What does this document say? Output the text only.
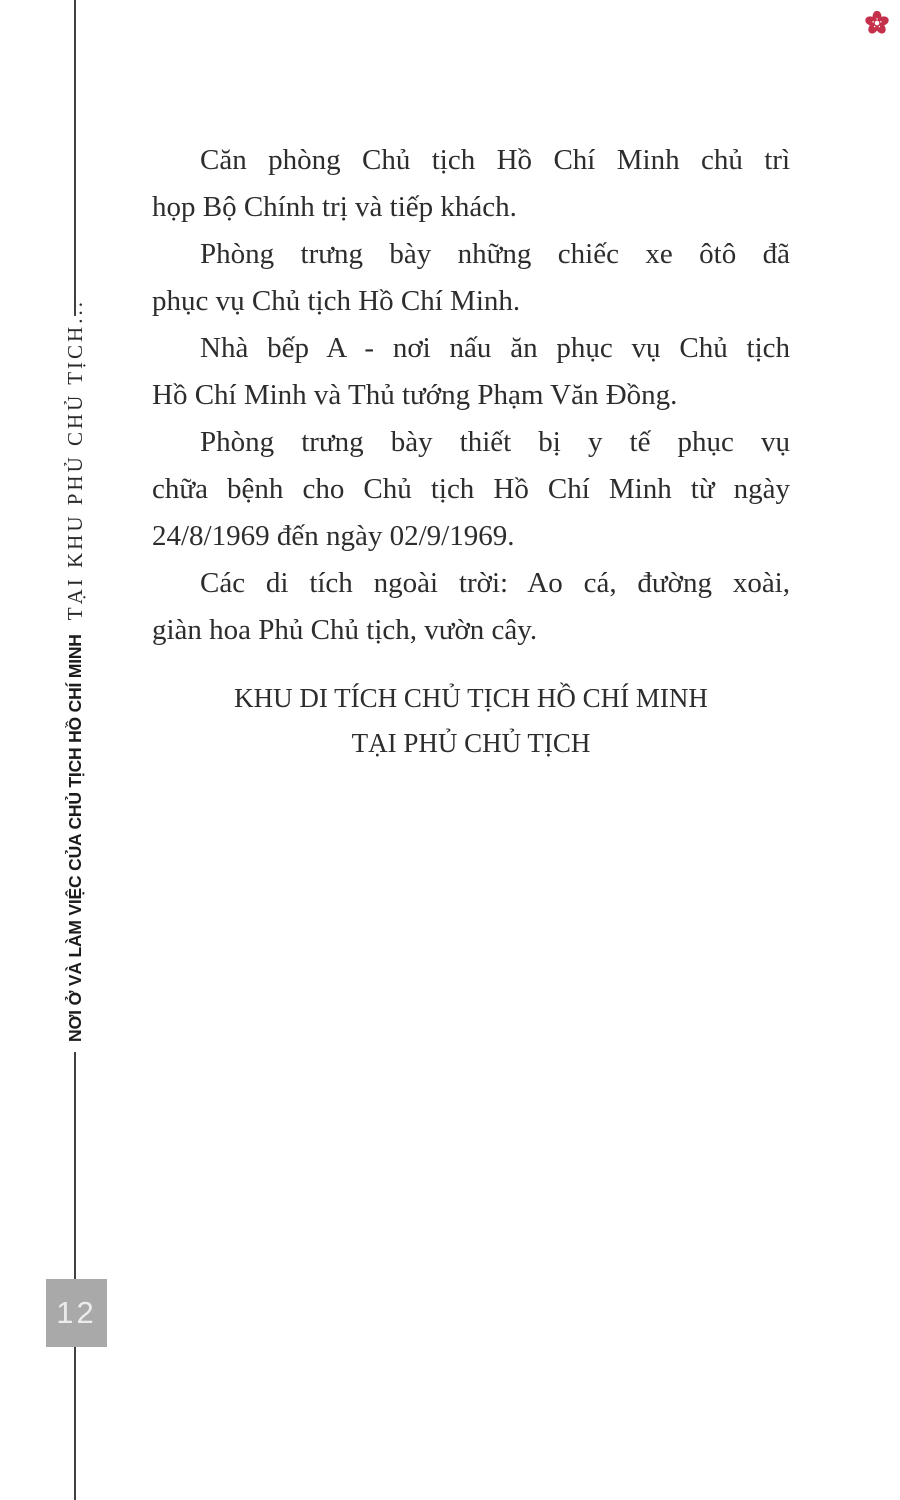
NƠI Ở VÀ LÀM VIỆC CỦA CHỦ TỊCH HỒ CHÍ MINH
TẠI KHU PHỦ CHỦ TỊCH...
Căn phòng Chủ tịch Hồ Chí Minh chủ trì
họp Bộ Chính trị và tiếp khách.
Phòng trưng bày những chiếc xe ôtô đã
phục vụ Chủ tịch Hồ Chí Minh.
Nhà bếp A - nơi nấu ăn phục vụ Chủ tịch
Hồ Chí Minh và Thủ tướng Phạm Văn Đồng.
Phòng trưng bày thiết bị y tế phục vụ
chữa bệnh cho Chủ tịch Hồ Chí Minh từ ngày
24/8/1969 đến ngày 02/9/1969.
Các di tích ngoài trời: Ao cá, đường xoài,
giàn hoa Phủ Chủ tịch, vườn cây.
KHU DI TÍCH CHỦ TỊCH HỒ CHÍ MINH
TẠI PHỦ CHỦ TỊCH
12
